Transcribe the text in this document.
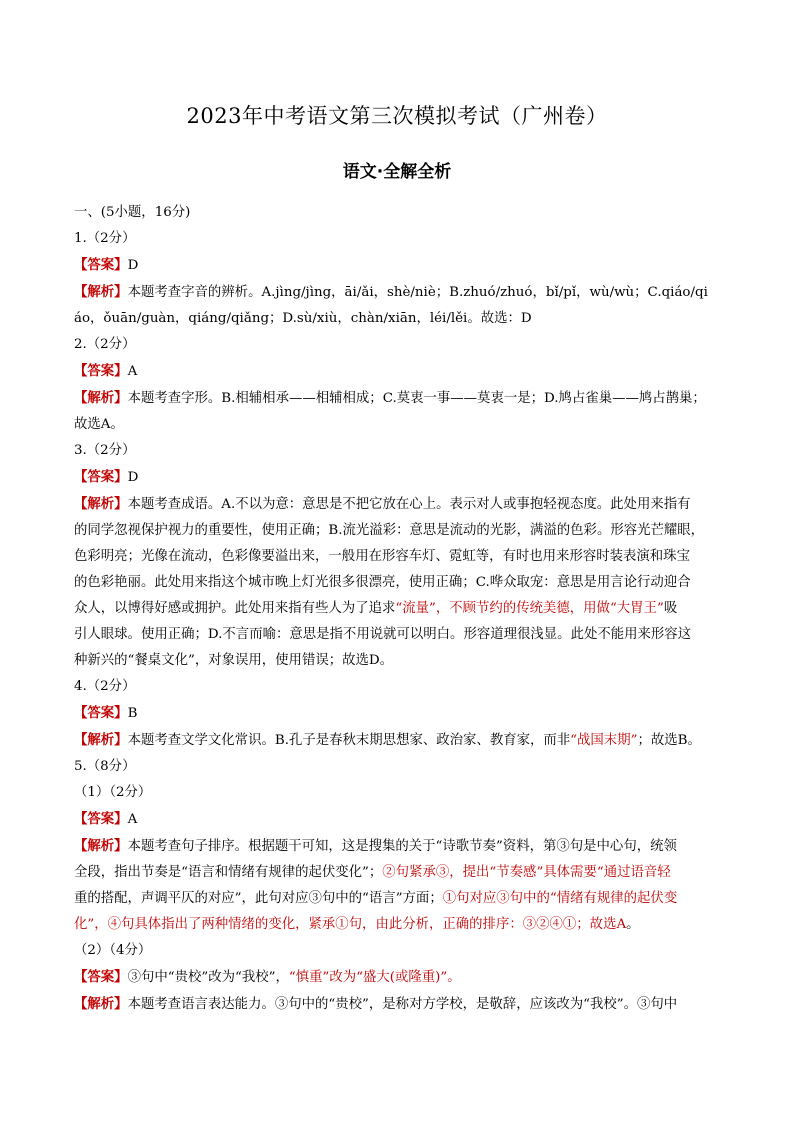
2023年中考语文第三次模拟考试（广州卷）
语文·全解全析
一、(5小题，16分)
1.（2分）
【答案】D
【解析】本题考查字音的辨析。A.jìng/jìng，āi/ǎi，shè/niè；B.zhuó/zhuó，bǐ/pǐ，wù/wù；C.qiáo/qi
áo，ǒuān/guàn，qiáng/qiǎng；D.sù/xiù，chàn/xiān，léi/lěi。故选：D
2.（2分）
【答案】A
【解析】本题考查字形。B.相辅相承——相辅相成；C.莫衷一事——莫衷一是；D.鸠占雀巢——鸠占鹊巢；
故选A。
3.（2分）
【答案】D
【解析】本题考查成语。A.不以为意：意思是不把它放在心上。表示对人或事抱轻视态度。此处用来指有
的同学忽视保护视力的重要性，使用正确；B.流光溢彩：意思是流动的光影，满溢的色彩。形容光芒耀眼，
色彩明亮；光像在流动，色彩像要溢出来，一般用在形容车灯、霓虹等，有时也用来形容时装表演和珠宝
的色彩艳丽。此处用来指这个城市晚上灯光很多很漂亮，使用正确；C.哗众取宠：意思是用言论行动迎合
众人，以博得好感或拥护。此处用来指有些人为了追求“流量”，不顾节约的传统美德，用做“大胃王”吸
引人眼球。使用正确；D.不言而喻：意思是指不用说就可以明白。形容道理很浅显。此处不能用来形容这
种新兴的“餐桌文化”，对象误用，使用错误；故选D。
4.（2分）
【答案】B
【解析】本题考查文学文化常识。B.孔子是春秋末期思想家、政治家、教育家，而非“战国末期”；故选B。
5.（8分）
（1）（2分）
【答案】A
【解析】本题考查句子排序。根据题干可知，这是搜集的关于“诗歌节奏”资料，第③句是中心句，统领
全段，指出节奏是“语言和情绪有规律的起伏变化”；②句紧承③，提出“节奏感”具体需要“通过语音轻
重的搭配，声调平仄的对应”，此句对应③句中的“语言”方面；①句对应③句中的“情绪有规律的起伏变
化”，④句具体指出了两种情绪的变化，紧承①句，由此分析，正确的排序：③②④①；故选A。
（2）（4分）
【答案】③句中“贵校”改为“我校”，“慎重”改为“盛大(或隆重)”。
【解析】本题考查语言表达能力。③句中的“贵校”，是称对方学校，是敬辞，应该改为“我校”。③句中
